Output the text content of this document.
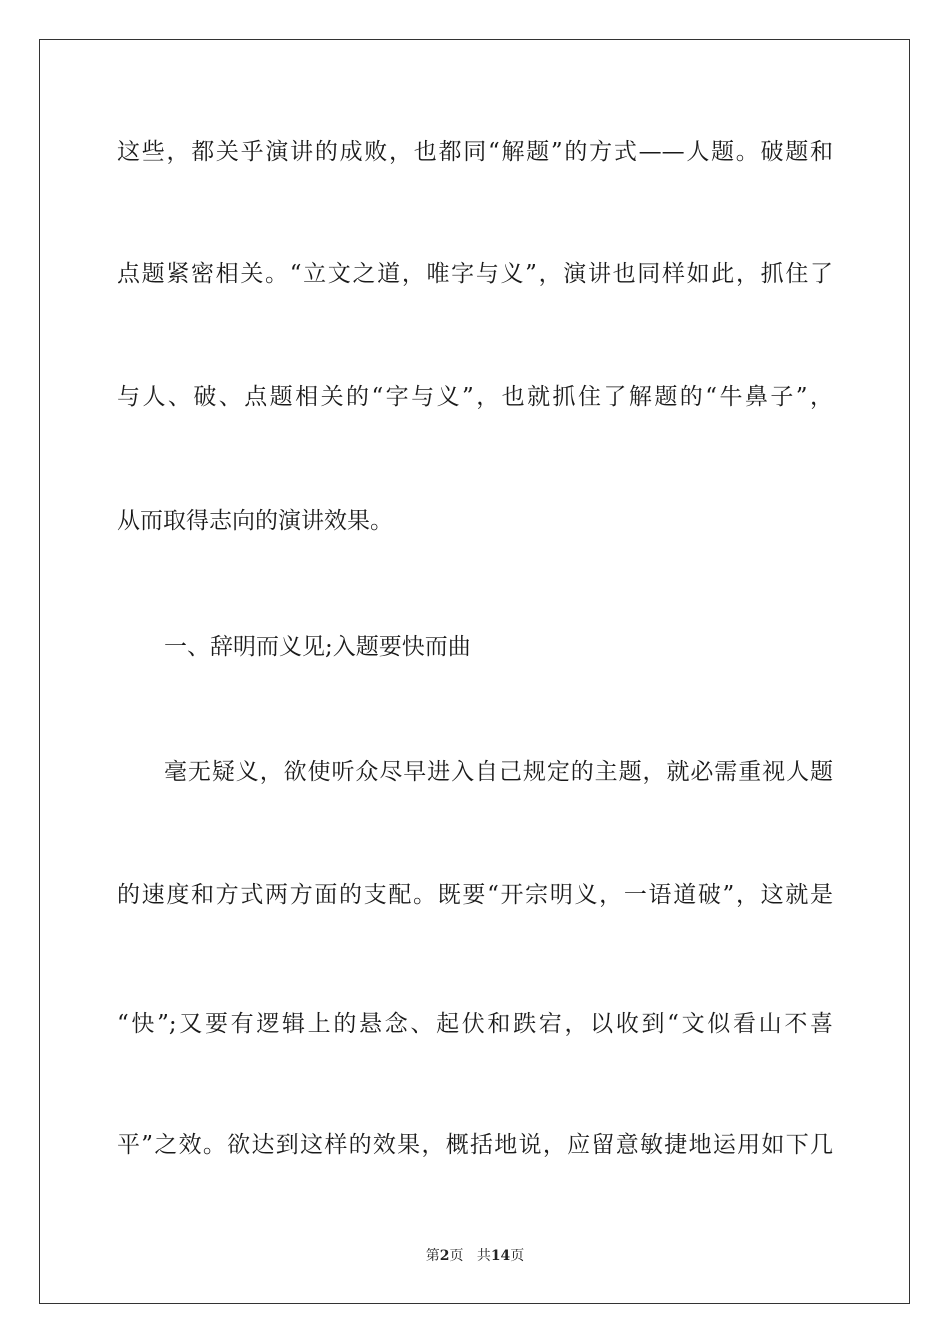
这些，都关乎演讲的成败，也都同“解题”的方式——人题。破题和
点题紧密相关。“立文之道，唯字与义”，演讲也同样如此，抓住了
与人、破、点题相关的“字与义”，也就抓住了解题的“牛鼻子”，
从而取得志向的演讲效果。
一、辞明而义见;入题要快而曲
毫无疑义，欲使听众尽早进入自己规定的主题，就必需重视人题
的速度和方式两方面的支配。既要“开宗明义，一语道破”，这就是
“快”;又要有逻辑上的悬念、起伏和跌宕，以收到“文似看山不喜
平”之效。欲达到这样的效果，概括地说，应留意敏捷地运用如下几
第2页 共14页
